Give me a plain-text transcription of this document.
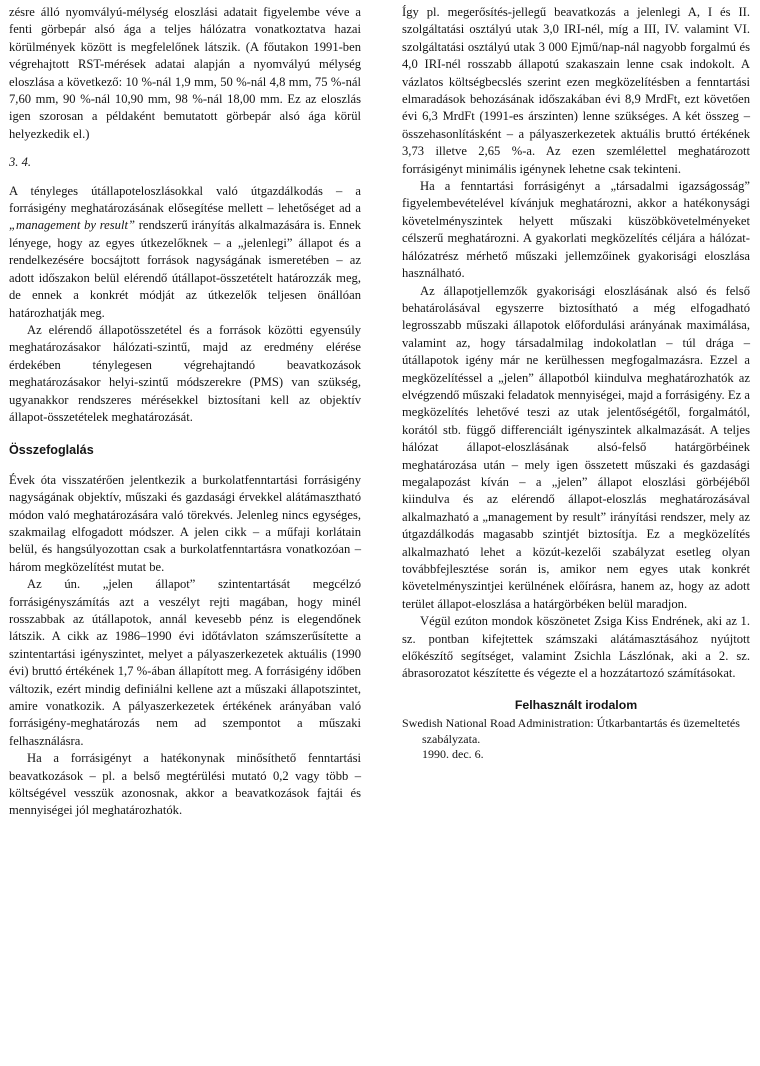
zésre álló nyomvályú-mélység eloszlási adatait figyelembe véve a fenti görbepár alsó ága a teljes hálózatra vonatkoztatva hazai körülmények között is megfelelőnek látszik. (A főutakon 1991-ben végrehajtott RST-mérések adatai alapján a nyomvályú mélység eloszlása a következő: 10 %-nál 1,9 mm, 50 %-nál 4,8 mm, 75 %-nál 7,60 mm, 90 %-nál 10,90 mm, 98 %-nál 18,00 mm. Ez az eloszlás igen szorosan a példaként bemutatott görbepár alsó ága körül helyezkedik el.)

3. 4.

A tényleges útállapoteloszlásokkal való útgazdálkodás – a forrásigény meghatározásának elősegítése mellett – lehetőséget ad a „management by result” rendszerű irányítás alkalmazására is. Ennek lényege, hogy az egyes útkezelőknek – a „jelenlegi” állapot és a rendelkezésére bocsájtott források nagyságának ismeretében – az adott időszakon belül elérendő útállapot-összetételt határozzák meg, de ennek a konkrét módját az útkezelők teljesen önállóan határozhatják meg.

Az elérendő állapotösszetétel és a források közötti egyensúly meghatározásakor hálózati-szintű, majd az eredmény elérése érdekében ténylegesen végrehajtandó beavatkozások meghatározásakor helyi-szintű módszerekre (PMS) van szükség, ugyanakkor rendszeres mérésekkel biztosítani kell az objektív állapot-összetételek meghatározását.

Összefoglalás

Évek óta visszatérően jelentkezik a burkolatfenntartási forrásigény nagyságának objektív, műszaki és gazdasági érvekkel alátámasztható módon való meghatározására való törekvés. Jelenleg nincs egységes, szakmailag elfogadott módszer. A jelen cikk – a műfaji korlátain belül, és hangsúlyozottan csak a burkolatfenntartásra vonatkozóan – három megközelítést mutat be.

Az ún. „jelen állapot” szintentartását megcélzó forrásigényszámítás azt a veszélyt rejti magában, hogy minél rosszabbak az útállapotok, annál kevesebb pénz is elegendőnek látszik. A cikk az 1986–1990 évi időtávlaton számszerűsítette a szintentartási igényszintet, melyet a pályaszerkezetek aktuális (1990 évi) bruttó értékének 1,7 %-ában állapított meg. A forrásigény időben változik, ezért mindig definiálni kellene azt a műszaki állapotszintet, amire vonatkozik. A pályaszerkezetek értékének arányában való forrásigény-meghatározás nem ad szempontot a műszaki felhasználásra.

Ha a forrásigényt a hatékonynak minősíthető fenntartási beavatkozások – pl. a belső megtérülési mutató 0,2 vagy több – költségével vesszük azonosnak, akkor a beavatkozások fajtái és mennyiségei jól meghatározhatók.

Így pl. megerősítés-jellegű beavatkozás a jelenlegi A, I és II. szolgáltatási osztályú utak 3,0 IRI-nél, míg a III, IV. valamint VI. szolgáltatási osztályú utak 3 000 Ejmű/nap-nál nagyobb forgalmú és 4,0 IRI-nél rosszabb állapotú szakaszain lenne csak indokolt. A vázlatos költségbecslés szerint ezen megközelítésben a fenntartási elmaradások behozásának időszakában évi 8,9 MrdFt, ezt követően évi 6,3 MrdFt (1991-es árszinten) lenne szükséges. A két összeg – összehasonlításként – a pályaszerkezetek aktuális bruttó értékének 3,73 illetve 2,65 %-a. Az ezen szemlélettel meghatározott forrásigényt minimális igénynek lehetne csak tekinteni.

Ha a fenntartási forrásigényt a „társadalmi igazságosság” figyelembevételével kívánjuk meghatározni, akkor a hatékonysági követelményszintek helyett műszaki küszöbkövetelményeket célszerű meghatározni. A gyakorlati megközelítés céljára a hálózat-hálózatrész mérhető műszaki jellemzőinek gyakorisági eloszlása használható.

Az állapotjellemzők gyakorisági eloszlásának alsó és felső behatárolásával egyszerre biztosítható a még elfogadható legrosszabb műszaki állapotok előfordulási arányának maximálása, valamint az, hogy társadalmilag indokolatlan – túl drága – útállapotok igény már ne kerülhessen megfogalmazásra. Ezzel a megközelítéssel a „jelen” állapotból kiindulva meghatározhatók az elvégzendő műszaki feladatok mennyiségei, majd a forrásigény. Ez a megközelítés lehetővé teszi az utak jelentőségétől, forgalmától, korától stb. függő differenciált igényszintek alkalmazását. A teljes hálózat állapot-eloszlásának alsó-felső határgörbéinek meghatározása után – mely igen összetett műszaki és gazdasági megalapozást kíván – a „jelen” állapot eloszlási görbéjéből kiindulva és az elérendő állapot-eloszlás meghatározásával alkalmazható a „management by result” irányítási rendszer, mely az útgazdálkodás magasabb szintjét biztosítja. Ez a megközelítés alkalmazható lehet a közút-kezelői szabályzat esetleg olyan továbbfejlesztése során is, amikor nem egyes utak konkrét követelményszintjei kerülnének előírásra, hanem az, hogy az adott terület állapot-eloszlása a határgörbéken belül maradjon.

Végül ezúton mondok köszönetet Zsiga Kiss Endrének, aki az 1. sz. pontban kifejtettek számszaki alátámasztásához nyújtott előkészítő segítséget, valamint Zsichla Lászlónak, aki a 2. sz. ábrasorozatot készítette és végezte el a hozzátartozó számításokat.

Felhasznált irodalom

Swedish National Road Administration: Útkarbantartás és üzemeltetés szabályzata.

1990. dec. 6.
